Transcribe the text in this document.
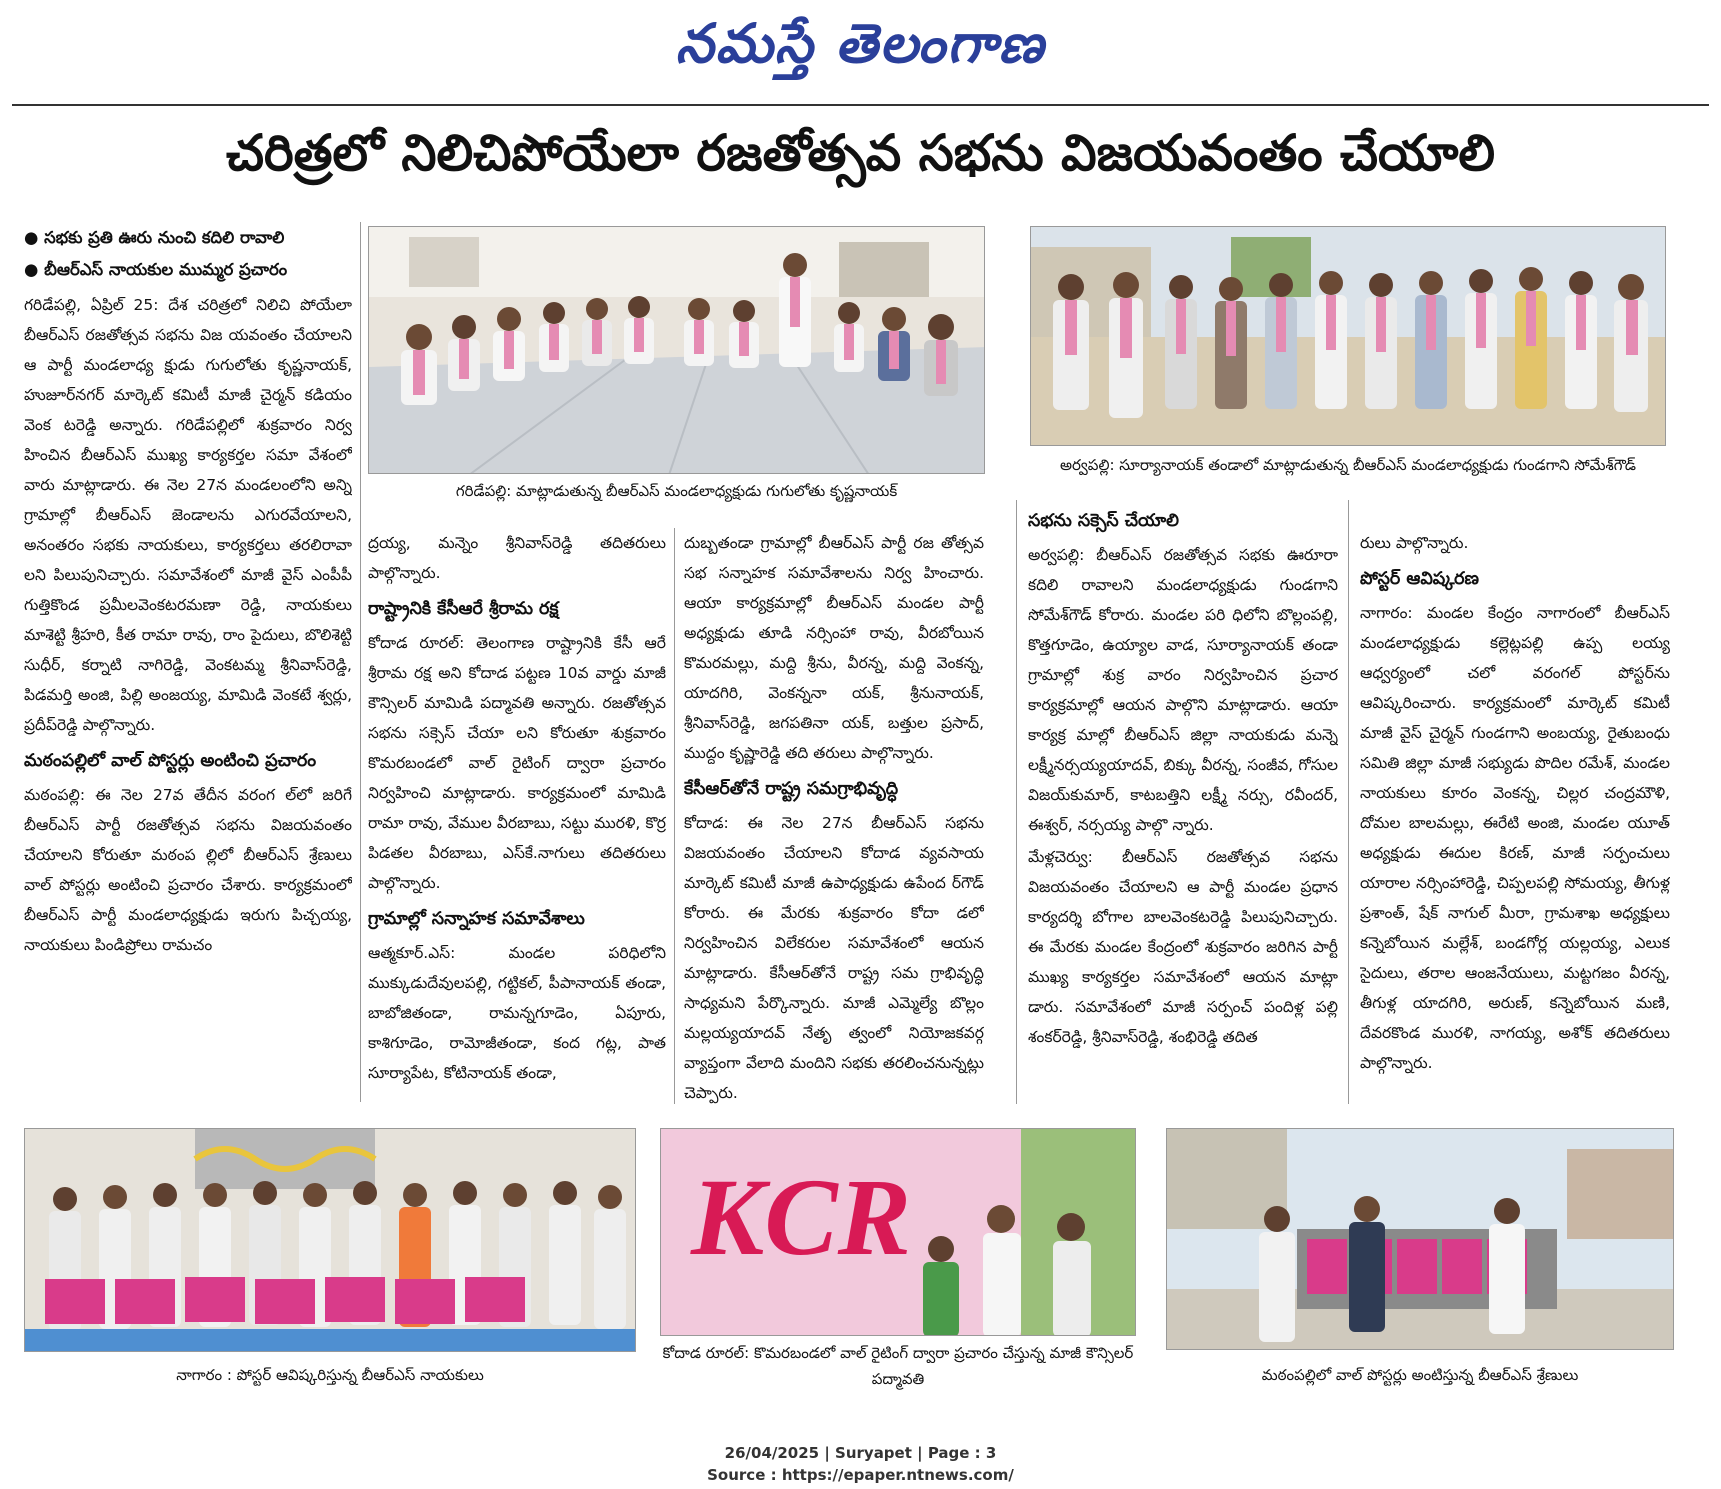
నమస్తే తెలంగాణ
చరిత్రలో నిలిచిపోయేలా రజతోత్సవ సభను విజయవంతం చేయాలి
● సభకు ప్రతి ఊరు నుంచి కదిలి రావాలి
● బీఆర్ఎస్ నాయకుల ముమ్మర ప్రచారం

గరిడేపల్లి, ఏప్రిల్ 25: దేశ చరిత్రలో నిలిచి పోయేలా బీఆర్ఎస్ రజతోత్సవ సభను విజ యవంతం చేయాలని ఆ పార్టీ మండలాధ్య క్షుడు గుగులోతు కృష్ణనాయక్, హుజూర్‌నగర్ మార్కెట్ కమిటీ మాజీ చైర్మన్ కడియం వెంక టరెడ్డి అన్నారు. గరిడేపల్లిలో శుక్రవారం నిర్వ హించిన బీఆర్ఎస్ ముఖ్య కార్యకర్తల సమా వేశంలో వారు మాట్లాడారు. ఈ నెల 27న మండలంలోని అన్ని గ్రామాల్లో బీఆర్ఎస్ జెండాలను ఎగురవేయాలని, అనంతరం సభకు నాయకులు, కార్యకర్తలు తరలిరావా లని పిలుపునిచ్చారు. సమావేశంలో మాజీ వైస్ ఎంపీపీ గుత్తికొండ ప్రమీలవెంకటరమణా రెడ్డి, నాయకులు మాశెట్టి శ్రీహరి, కీత రామా రావు, రాం పైదులు, బొలిశెట్టి సుధీర్, కర్నాటి నాగిరెడ్డి, వెంకటమ్మ శ్రీనివాస్‌రెడ్డి, పిడమర్తి అంజి, పిల్లి అంజయ్య, మామిడి వెంకటే శ్వర్లు, ప్రదీప్‌రెడ్డి పాల్గొన్నారు.

మఠంపల్లిలో వాల్ పోస్టర్లు అంటించి ప్రచారం

మఠంపల్లి: ఈ నెల 27వ తేదీన వరంగ ల్‌లో జరిగే బీఆర్ఎస్ పార్టీ రజతోత్సవ సభను విజయవంతం చేయాలని కోరుతూ మఠంప ల్లిలో బీఆర్ఎస్ శ్రేణులు వాల్ పోస్టర్లు అంటించి ప్రచారం చేశారు. కార్యక్రమంలో బీఆర్ఎస్ పార్టీ మండలాధ్యక్షుడు ఇరుగు పిచ్చయ్య, నాయకులు పిండిప్రోలు రామచం

గరిడేపల్లి: మాట్లాడుతున్న బీఆర్ఎస్ మండలాధ్యక్షుడు గుగులోతు కృష్ణనాయక్
అర్వపల్లి: సూర్యానాయక్ తండాలో మాట్లాడుతున్న బీఆర్ఎస్ మండలాధ్యక్షుడు గుండగాని సోమేశ్‌గౌడ్

ద్రయ్య, మన్నెం శ్రీనివాస్‌రెడ్డి తదితరులు పాల్గొన్నారు.

రాష్ట్రానికి కేసీఆరే శ్రీరామ రక్ష

కోదాడ రూరల్: తెలంగాణ రాష్ట్రానికి కేసీ ఆరే శ్రీరామ రక్ష అని కోదాడ పట్టణ 10వ వార్డు మాజీ కౌన్సిలర్ మామిడి పద్మావతి అన్నారు. రజతోత్సవ సభను సక్సెస్ చేయా లని కోరుతూ శుక్రవారం కొమరబండలో వాల్ రైటింగ్ ద్వారా ప్రచారం నిర్వహించి మాట్లాడారు. కార్యక్రమంలో మామిడి రామా రావు, వేముల వీరబాబు, సట్టు మురళి, కొర్ర పిడతల వీరబాబు, ఎస్‌కే.నాగులు తదితరులు పాల్గొన్నారు.

గ్రామాల్లో సన్నాహక సమావేశాలు

ఆత్మకూర్.ఎస్: మండల పరిధిలోని ముక్కుడుదేవులపల్లి, గట్టికల్, పీపానాయక్ తండా, బాబోజితండా, రామన్నగూడెం, ఏపూరు, కాశిగూడెం, రామోజీతండా, కంద గట్ల, పాత సూర్యాపేట, కోటినాయక్ తండా,

దుబ్బతండా గ్రామాల్లో బీఆర్ఎస్ పార్టీ రజ తోత్సవ సభ సన్నాహక సమావేశాలను నిర్వ హించారు. ఆయా కార్యక్రమాల్లో బీఆర్ఎస్ మండల పార్టీ అధ్యక్షుడు తూడి నర్సింహా రావు, వీరబోయిన కొమరమల్లు, మద్ది శ్రీను, వీరన్న, మద్ది వెంకన్న, యాదగిరి, వెంకన్ననా యక్, శ్రీనునాయక్, శ్రీనివాస్‌రెడ్డి, జగపతినా యక్, బత్తుల ప్రసాద్, ముద్దం కృష్ణారెడ్డి తది తరులు పాల్గొన్నారు.

కేసీఆర్‌తోనే రాష్ట్ర సమగ్రాభివృద్ధి

కోదాడ: ఈ నెల 27న బీఆర్ఎస్ సభను విజయవంతం చేయాలని కోదాడ వ్యవసాయ మార్కెట్ కమిటీ మాజీ ఉపాధ్యక్షుడు ఉపేంద ర్‌గౌడ్ కోరారు. ఈ మేరకు శుక్రవారం కోదా డలో నిర్వహించిన విలేకరుల సమావేశంలో ఆయన మాట్లాడారు. కేసీఆర్‌తోనే రాష్ట్ర సమ గ్రాభివృద్ధి సాధ్యమని పేర్కొన్నారు. మాజీ ఎమ్మెల్యే బొల్లం మల్లయ్యయాదవ్ నేతృ త్వంలో నియోజకవర్గ వ్యాప్తంగా వేలాది మందిని సభకు తరలించనున్నట్లు చెప్పారు.

సభను సక్సెస్ చేయాలి

అర్వపల్లి: బీఆర్ఎస్ రజతోత్సవ సభకు ఊరూరా కదిలి రావాలని మండలాధ్యక్షుడు గుండగాని సోమేశ్‌గౌడ్ కోరారు. మండల పరి ధిలోని బొల్లంపల్లి, కొత్తగూడెం, ఉయ్యాల వాడ, సూర్యానాయక్ తండా గ్రామాల్లో శుక్ర వారం నిర్వహించిన ప్రచార కార్యక్రమాల్లో ఆయన పాల్గొని మాట్లాడారు. ఆయా కార్యక్ర మాల్లో బీఆర్ఎస్ జిల్లా నాయకుడు మన్నె లక్ష్మీనర్సయ్యయాదవ్, బిక్కు వీరన్న, సంజీవ, గోసుల విజయ్‌కుమార్, కాటబత్తిని లక్ష్మీ నర్సు, రవీందర్, ఈశ్వర్, నర్సయ్య పాల్గొ న్నారు.

మేళ్లచెర్వు: బీఆర్ఎస్ రజతోత్సవ సభను విజయవంతం చేయాలని ఆ పార్టీ మండల ప్రధాన కార్యదర్శి బోగాల బాలవెంకటరెడ్డి పిలుపునిచ్చారు. ఈ మేరకు మండల కేంద్రంలో శుక్రవారం జరిగిన పార్టీ ముఖ్య కార్యకర్తల సమావేశంలో ఆయన మాట్లా డారు. సమావేశంలో మాజీ సర్పంచ్ పందిళ్ల పల్లి శంకర్‌రెడ్డి, శ్రీనివాస్‌రెడ్డి, శంభిరెడ్డి తదిత

రులు పాల్గొన్నారు.

పోస్టర్ ఆవిష్కరణ

నాగారం: మండల కేంద్రం నాగారంలో బీఆర్ఎస్ మండలాధ్యక్షుడు కల్లెట్లపల్లి ఉప్ప లయ్య ఆధ్వర్యంలో చలో వరంగల్ పోస్టర్‌ను ఆవిష్కరించారు. కార్యక్రమంలో మార్కెట్ కమిటీ మాజీ వైస్ చైర్మన్ గుండగాని అంబయ్య, రైతుబంధు సమితి జిల్లా మాజీ సభ్యుడు పొదిల రమేశ్, మండల నాయకులు కూరం వెంకన్న, చిల్లర చంద్రమౌళి, దోమల బాలమల్లు, ఈరేటి అంజి, మండల యూత్ అధ్యక్షుడు ఈదుల కిరణ్, మాజీ సర్పంచులు యారాల నర్సింహారెడ్డి, చిప్పలపల్లి సోమయ్య, తీగుళ్ల ప్రశాంత్, షేక్ నాగుల్ మీరా, గ్రామశాఖ అధ్యక్షులు కన్నెబోయిన మల్లేశ్, బండగోర్ల యల్లయ్య, ఎలుక సైదులు, తరాల ఆంజనేయులు, మట్టగజం వీరన్న, తీగుళ్ల యాదగిరి, అరుణ్, కన్నెబోయిన మణి, దేవరకొండ మురళి, నాగయ్య, అశోక్ తదితరులు పాల్గొన్నారు.

నాగారం : పోస్టర్ ఆవిష్కరిస్తున్న బీఆర్ఎస్ నాయకులు
KCR
కోదాడ రూరల్: కొమరబండలో వాల్ రైటింగ్ ద్వారా ప్రచారం చేస్తున్న మాజీ కౌన్సిలర్ పద్మావతి	మఠంపల్లిలో వాల్ పోస్టర్లు అంటిస్తున్న బీఆర్ఎస్ శ్రేణులు
26/04/2025 | Suryapet | Page : 3
Source : https://epaper.ntnews.com/
